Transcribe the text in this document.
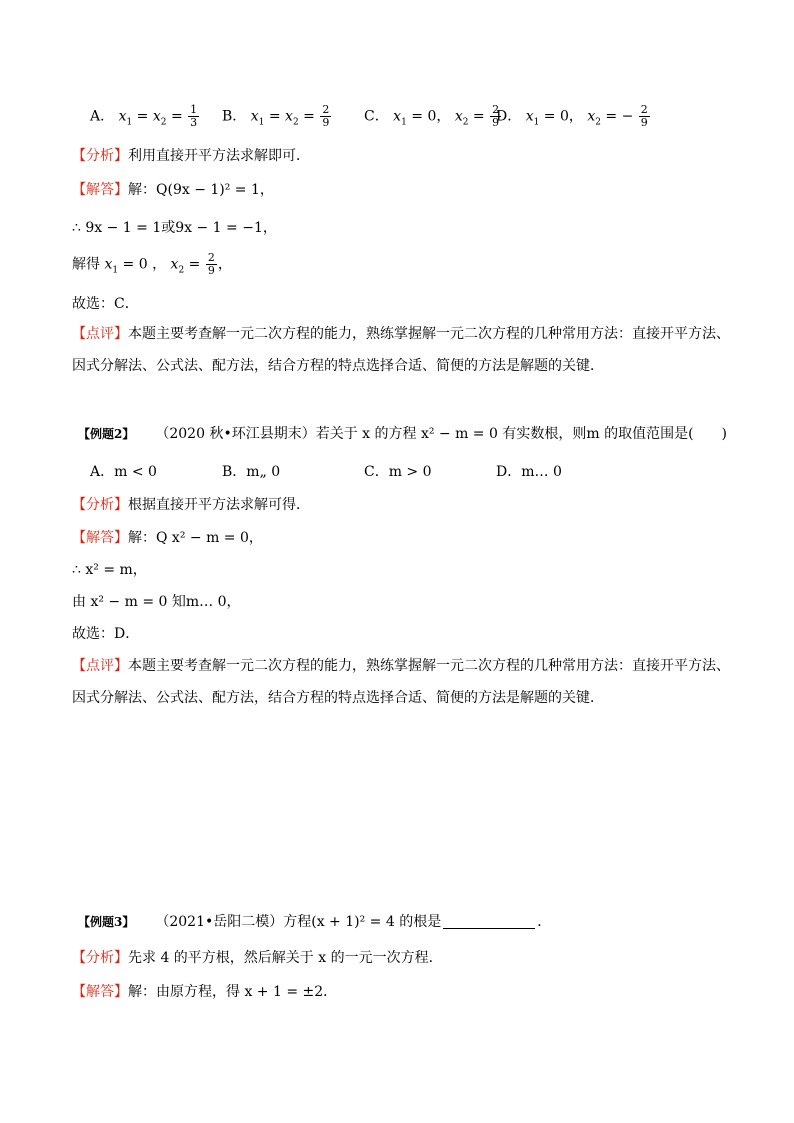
A． $x_1 = x_2 = \frac{1}{3}$ B． $x_1 = x_2 = \frac{2}{9}$ C． $x_1 = 0$， $x_2 = \frac{2}{9}$
D． $x_1 = 0$， $x_2$ = − $\frac{2}{9}$
【分析】利用直接开平方法求解即可．
【解答】解：Q(9x − 1)² = 1，
∴ 9x − 1 = 1或9x − 1 = −1，
解得 $x_1 = 0$ ， $x_2 = \frac{2}{9}$ ，
故选：C．
【点评】本题主要考查解一元二次方程的能力，熟练掌握解一元二次方程的几种常用方法：直接开平方法、
因式分解法、公式法、配方法，结合方程的特点选择合适、简便的方法是解题的关键．
【例题2】 （2020 秋•环江县期末）若关于 x 的方程 x² − m = 0 有实数根，则m 的取值范围是(　　)
A．m < 0	B．m„ 0	C．m > 0	D．m… 0
【分析】根据直接开平方法求解可得．
【解答】解：Q x² − m = 0，
∴ x² = m，
由 x² − m = 0 知m… 0，
故选：D．
【点评】本题主要考查解一元二次方程的能力，熟练掌握解一元二次方程的几种常用方法：直接开平方法、
因式分解法、公式法、配方法，结合方程的特点选择合适、简便的方法是解题的关键．
【例题3】 （2021•岳阳二模）方程(x + 1)² = 4 的根是	．
【分析】先求 4 的平方根，然后解关于 x 的一元一次方程．
【解答】解：由原方程，得 x + 1 = ±2．
